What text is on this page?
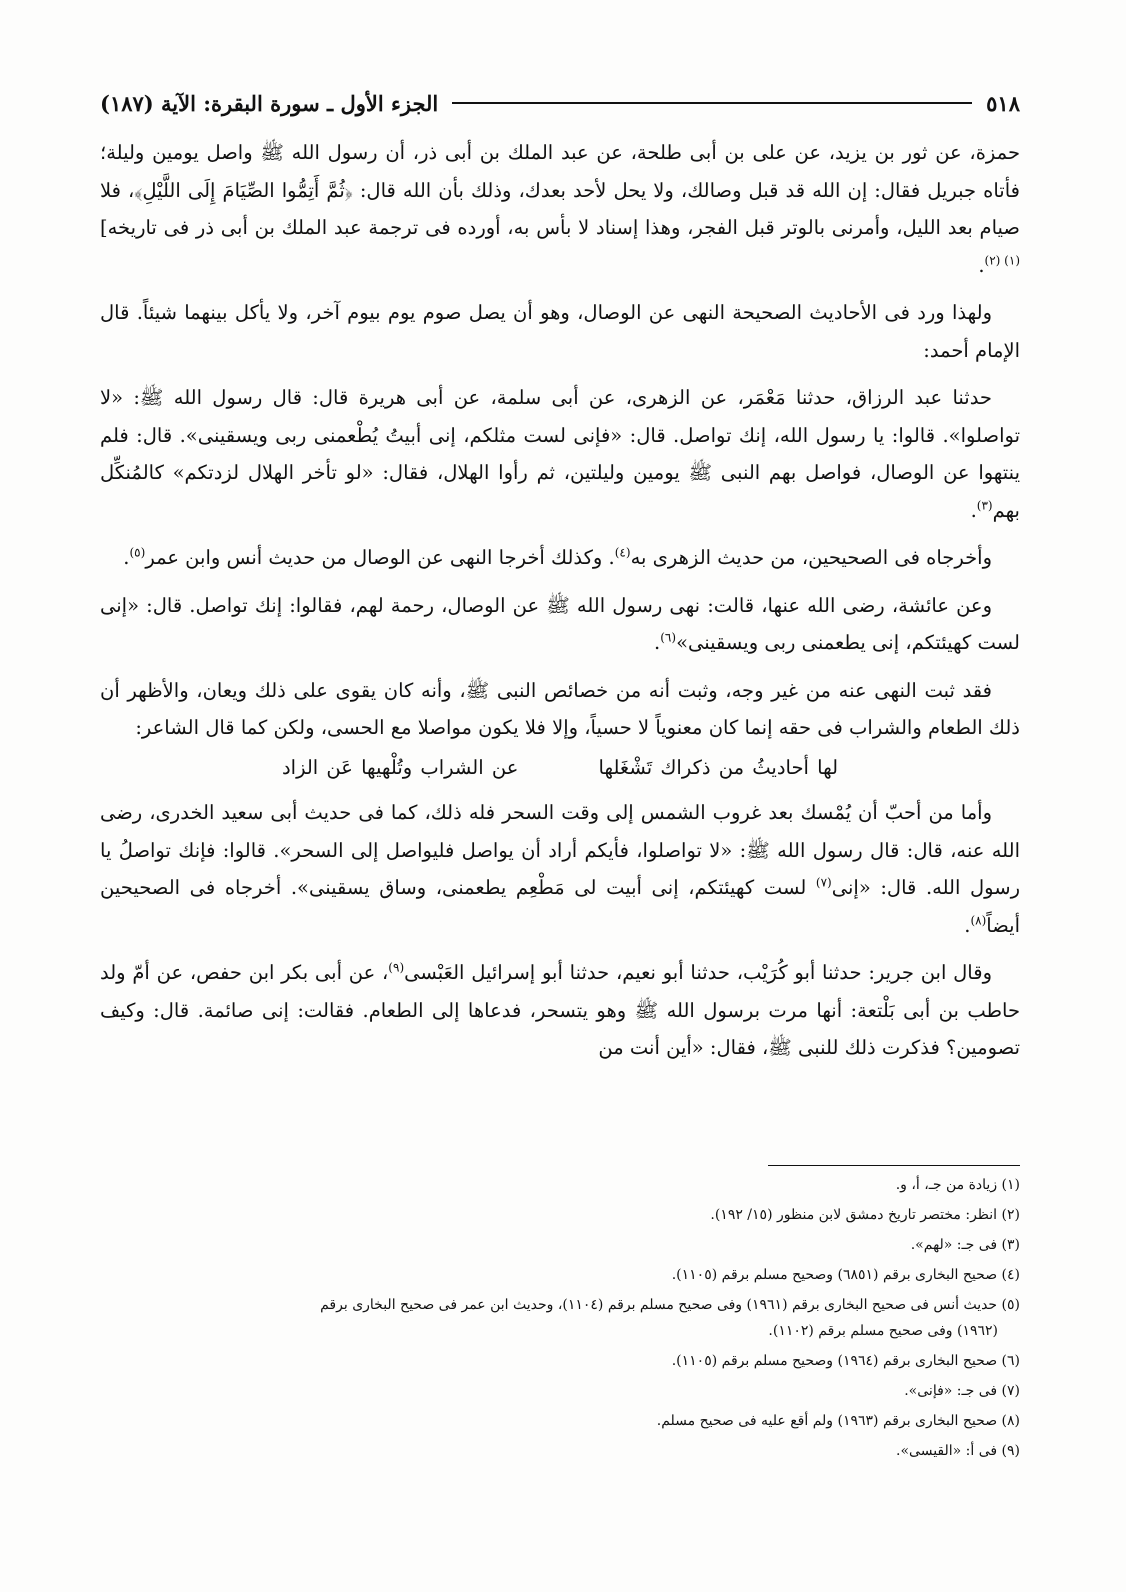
٥١٨
الجزء الأول ـ سورة البقرة: الآية (١٨٧)

حمزة، عن ثور بن يزيد، عن على بن أبى طلحة، عن عبد الملك بن أبى ذر، أن رسول الله ﷺ واصل يومين وليلة؛ فأتاه جبريل فقال: إن الله قد قبل وصالك، ولا يحل لأحد بعدك، وذلك بأن الله قال: ﴿ثُمَّ أَتِمُّوا الصِّيَامَ إِلَى اللَّيْلِ﴾، فلا صيام بعد الليل، وأمرنى بالوتر قبل الفجر، وهذا إسناد لا بأس به، أورده فى ترجمة عبد الملك بن أبى ذر فى تاريخه]$^{(١) (٢)}$.

ولهذا ورد فى الأحاديث الصحيحة النهى عن الوصال، وهو أن يصل صوم يوم بيوم آخر، ولا يأكل بينهما شيئاً. قال الإمام أحمد:

حدثنا عبد الرزاق، حدثنا مَعْمَر، عن الزهرى، عن أبى سلمة، عن أبى هريرة قال: قال رسول الله ﷺ: «لا تواصلوا». قالوا: يا رسول الله، إنك تواصل. قال: «فإنى لست مثلكم، إنى أبيتُ يُطْعمنى ربى ويسقينى». قال: فلم ينتهوا عن الوصال، فواصل بهم النبى ﷺ يومين وليلتين، ثم رأوا الهلال، فقال: «لو تأخر الهلال لزدتكم» كالمُنكِّل بهم$^{(٣)}$.

وأخرجاه فى الصحيحين، من حديث الزهرى به$^{(٤)}$. وكذلك أخرجا النهى عن الوصال من حديث أنس وابن عمر$^{(٥)}$.

وعن عائشة، رضى الله عنها، قالت: نهى رسول الله ﷺ عن الوصال، رحمة لهم، فقالوا: إنك تواصل. قال: «إنى لست كهيئتكم، إنى يطعمنى ربى ويسقينى»$^{(٦)}$.

فقد ثبت النهى عنه من غير وجه، وثبت أنه من خصائص النبى ﷺ، وأنه كان يقوى على ذلك ويعان، والأظهر أن ذلك الطعام والشراب فى حقه إنما كان معنوياً لا حسياً، وإلا فلا يكون مواصلا مع الحسى، ولكن كما قال الشاعر:

لها أحاديثُ من ذكراك تَشْغَلها عن الشراب وتُلْهيها عَن الزاد

وأما من أحبّ أن يُمْسك بعد غروب الشمس إلى وقت السحر فله ذلك، كما فى حديث أبى سعيد الخدرى، رضى الله عنه، قال: قال رسول الله ﷺ: «لا تواصلوا، فأيكم أراد أن يواصل فليواصل إلى السحر». قالوا: فإنك تواصلُ يا رسول الله. قال: «إنى$^{(٧)}$ لست كهيئتكم، إنى أبيت لى مَطْعِم يطعمنى، وساق يسقينى». أخرجاه فى الصحيحين أيضاً$^{(٨)}$.

وقال ابن جرير: حدثنا أبو كُرَيْب، حدثنا أبو نعيم، حدثنا أبو إسرائيل العَبْسى$^{(٩)}$، عن أبى بكر ابن حفص، عن أمّ ولد حاطب بن أبى بَلْتعة: أنها مرت برسول الله ﷺ وهو يتسحر، فدعاها إلى الطعام. فقالت: إنى صائمة. قال: وكيف تصومين؟ فذكرت ذلك للنبى ﷺ، فقال: «أين أنت من

(١) زيادة من جـ، أ، و.
(٢) انظر: مختصر تاريخ دمشق لابن منظور (١٥/ ١٩٢).
(٣) فى جـ: «لهم».
(٤) صحيح البخارى برقم (٦٨٥١) وصحيح مسلم برقم (١١٠٥).
(٥) حديث أنس فى صحيح البخارى برقم (١٩٦١) وفى صحيح مسلم برقم (١١٠٤)، وحديث ابن عمر فى صحيح البخارى برقم
(١٩٦٢) وفى صحيح مسلم برقم (١١٠٢).
(٦) صحيح البخارى برقم (١٩٦٤) وصحيح مسلم برقم (١١٠٥).
(٧) فى جـ: «فإنى».
(٨) صحيح البخارى برقم (١٩٦٣) ولم أقع عليه فى صحيح مسلم.
(٩) فى أ: «القيسى».
